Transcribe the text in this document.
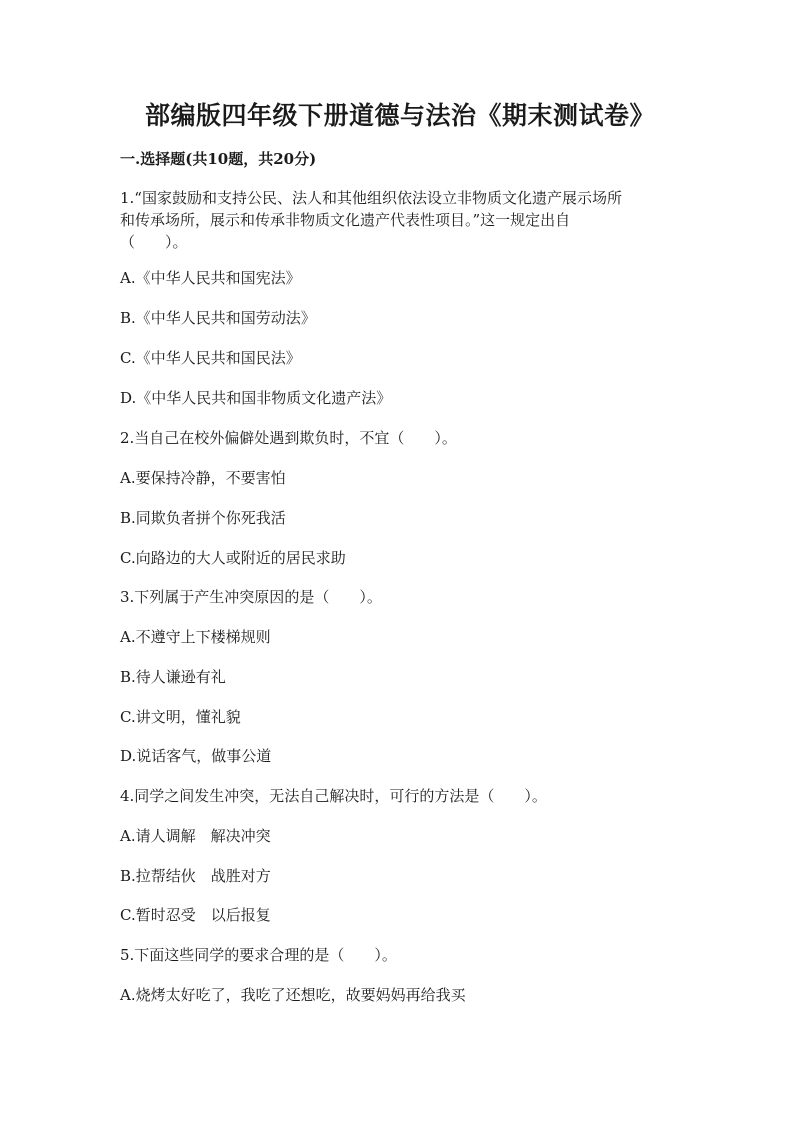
部编版四年级下册道德与法治《期末测试卷》
一.选择题(共10题，共20分)
1.“国家鼓励和支持公民、法人和其他组织依法设立非物质文化遗产展示场所
和传承场所，展示和传承非物质文化遗产代表性项目。”这一规定出自
（　　）。
A.《中华人民共和国宪法》
B.《中华人民共和国劳动法》
C.《中华人民共和国民法》
D.《中华人民共和国非物质文化遗产法》
2.当自己在校外偏僻处遇到欺负时，不宜（　　）。
A.要保持冷静，不要害怕
B.同欺负者拼个你死我活
C.向路边的大人或附近的居民求助
3.下列属于产生冲突原因的是（　　）。
A.不遵守上下楼梯规则
B.待人谦逊有礼
C.讲文明，懂礼貌
D.说话客气，做事公道
4.同学之间发生冲突，无法自己解决时，可行的方法是（　　）。
A.请人调解　解决冲突
B.拉帮结伙　战胜对方
C.暂时忍受　以后报复
5.下面这些同学的要求合理的是（　　）。
A.烧烤太好吃了，我吃了还想吃，故要妈妈再给我买
